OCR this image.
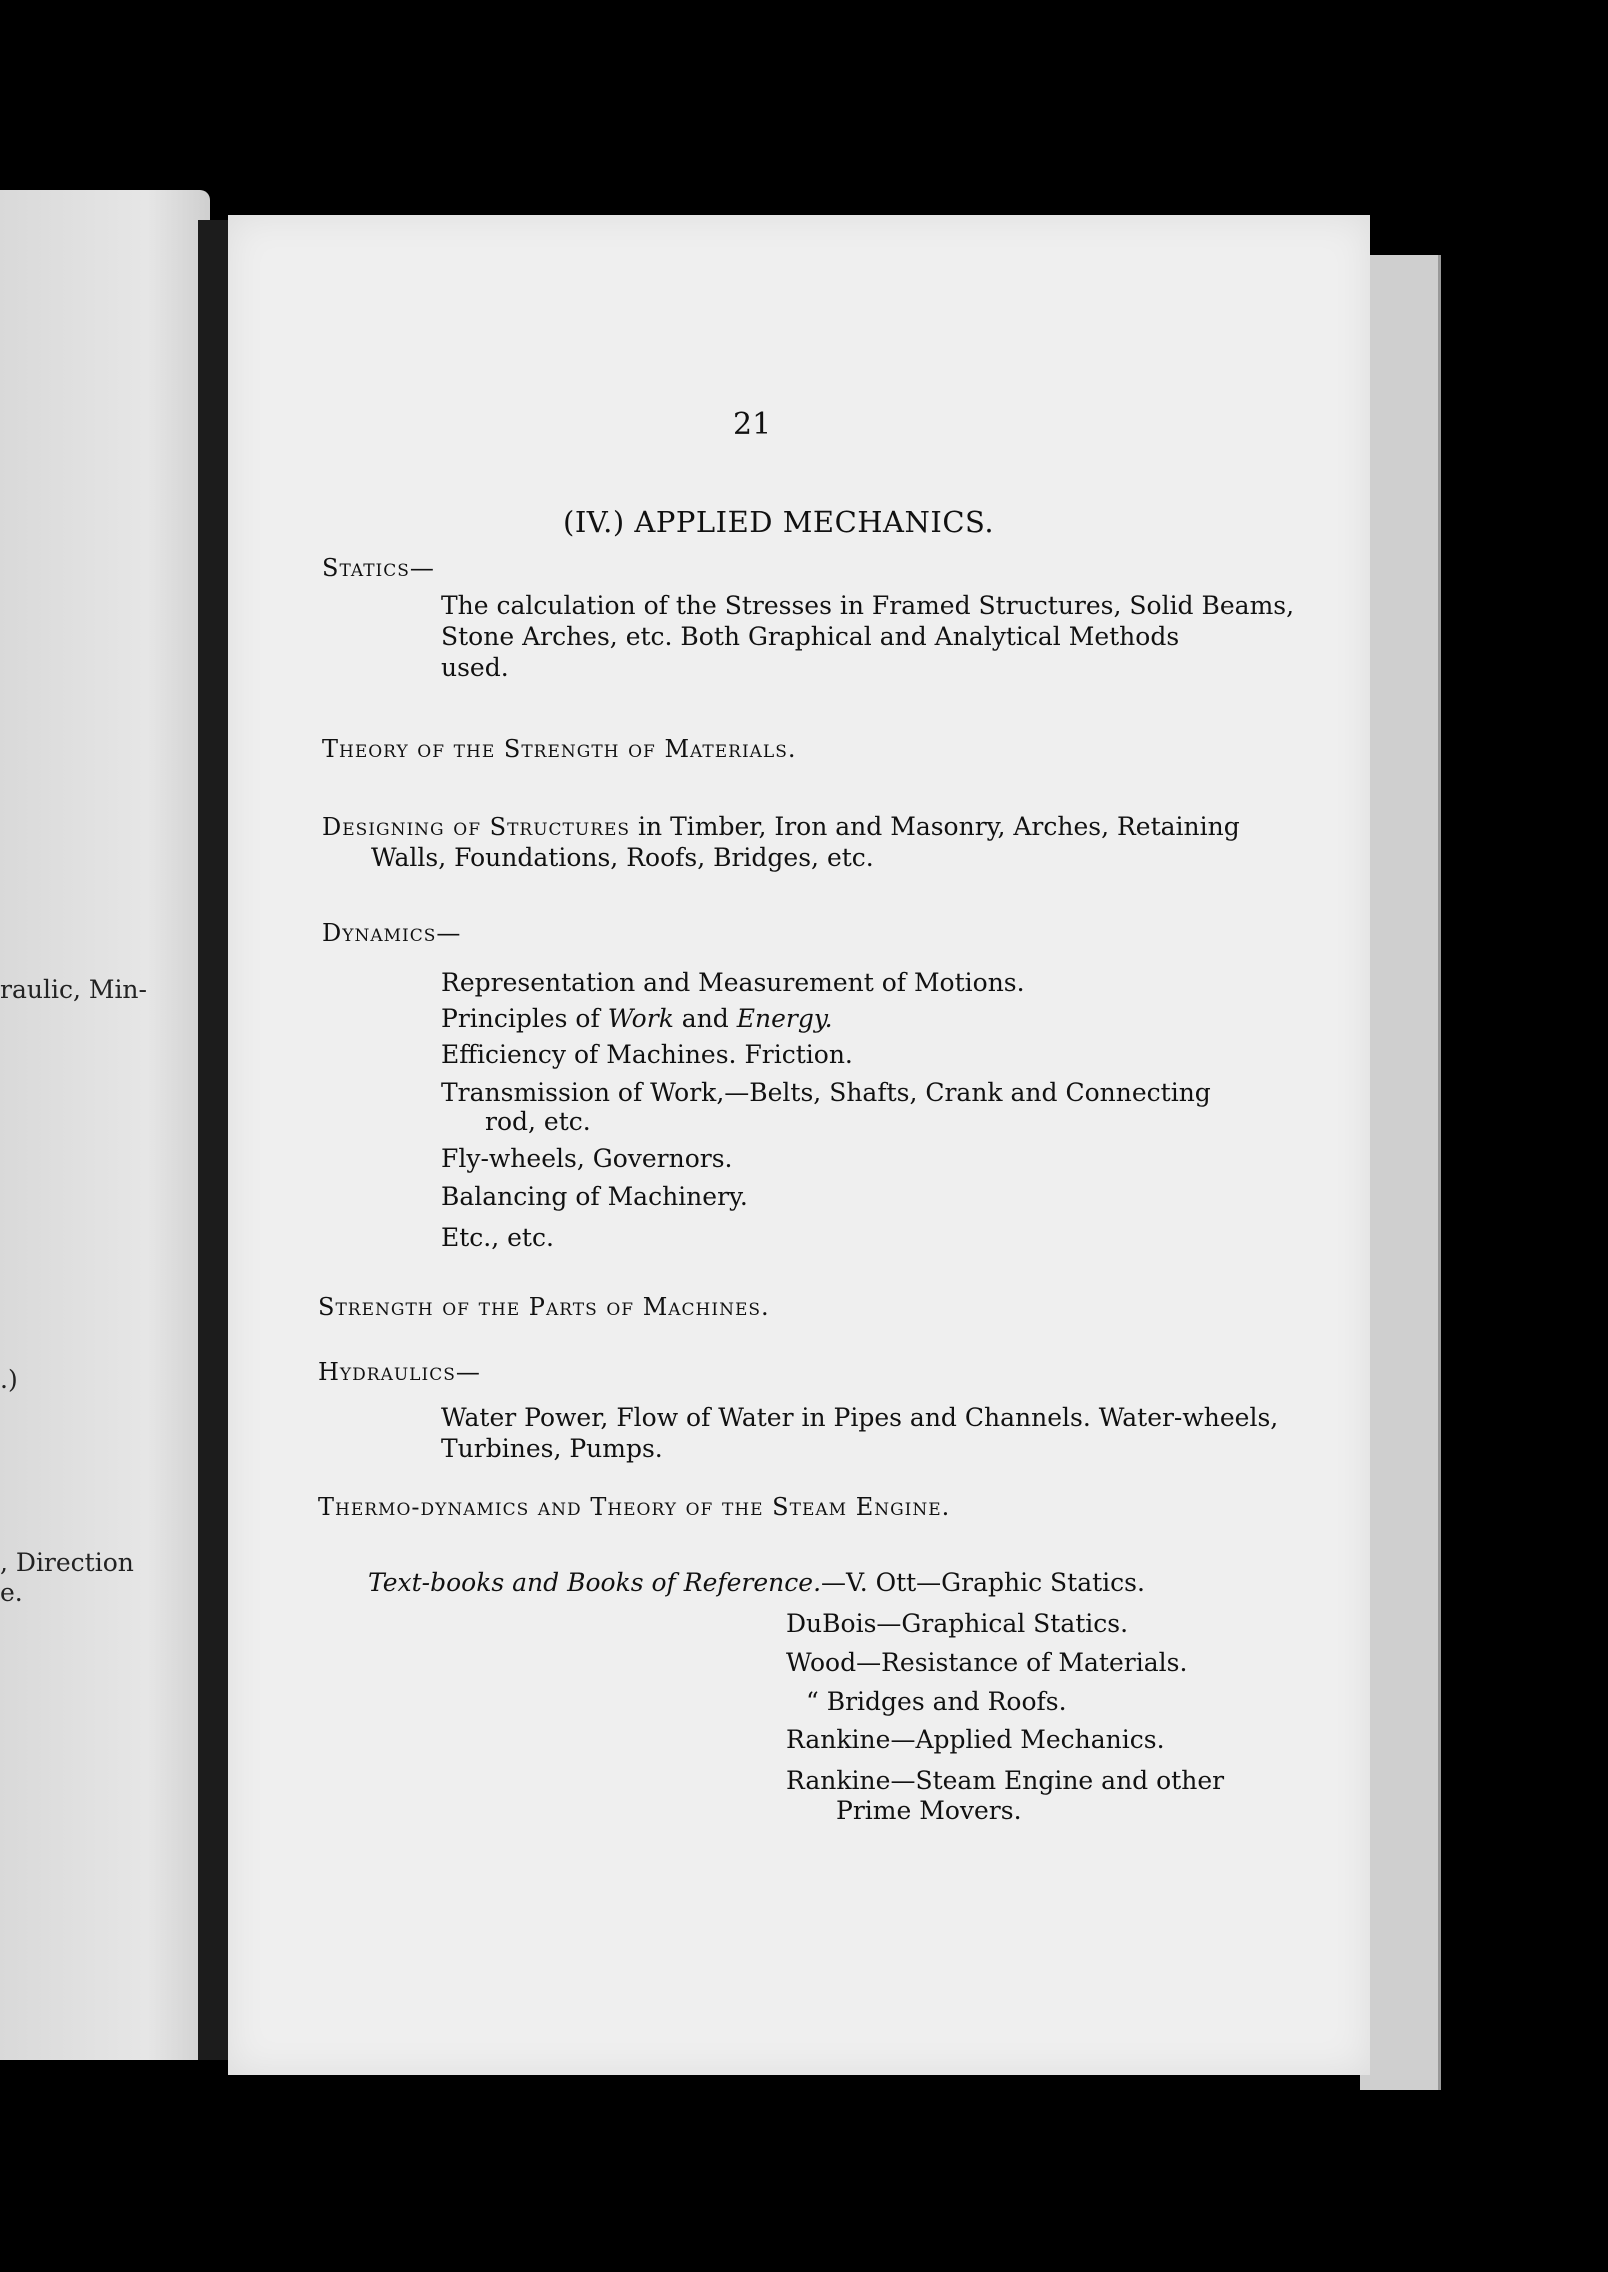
raulic, Min-
.)
, Direction
e.
21
(IV.) APPLIED MECHANICS.
Statics—
The calculation of the Stresses in Framed Structures, Solid Beams,
Stone Arches, etc. Both Graphical and Analytical Methods
used.
Theory of the Strength of Materials.
Designing of Structures in Timber, Iron and Masonry, Arches, Retaining
Walls, Foundations, Roofs, Bridges, etc.
Dynamics—
Representation and Measurement of Motions.
Principles of Work and Energy.
Efficiency of Machines. Friction.
Transmission of Work,—Belts, Shafts, Crank and Connecting
rod, etc.
Fly-wheels, Governors.
Balancing of Machinery.
Etc., etc.
Strength of the Parts of Machines.
Hydraulics—
Water Power, Flow of Water in Pipes and Channels. Water-wheels,
Turbines, Pumps.
Thermo-dynamics and Theory of the Steam Engine.
Text-books and Books of Reference.—V. Ott—Graphic Statics.
DuBois—Graphical Statics.
Wood—Resistance of Materials.
“ Bridges and Roofs.
Rankine—Applied Mechanics.
Rankine—Steam Engine and other
Prime Movers.
